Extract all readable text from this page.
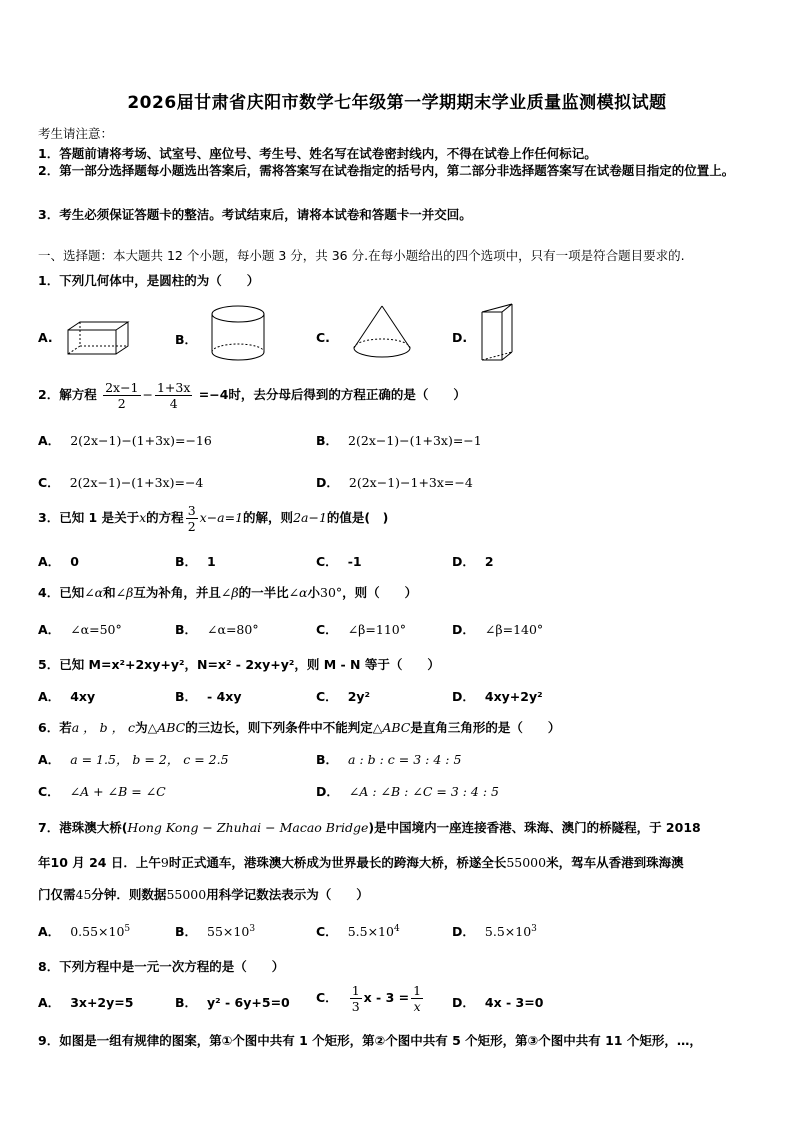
2026届甘肃省庆阳市数学七年级第一学期期末学业质量监测模拟试题
考生请注意：
1．答题前请将考场、试室号、座位号、考生号、姓名写在试卷密封线内，不得在试卷上作任何标记。
2．第一部分选择题每小题选出答案后，需将答案写在试卷指定的括号内，第二部分非选择题答案写在试卷题目指定的位置上。
3．考生必须保证答题卡的整洁。考试结束后，请将本试卷和答题卡一并交回。
一、选择题：本大题共 12 个小题，每小题 3 分，共 36 分.在每小题给出的四个选项中，只有一项是符合题目要求的.
1．下列几何体中，是圆柱的为（　　）
A.	B．	C.	D.
2．解方程 $\frac{2x-1}{2} - \frac{1+3x}{4} =-4$时，去分母后得到的方程正确的是（　　）
A． 2(2x−1)−(1+3x)=−16	B． 2(2x−1)−(1+3x)=−1
C． 2(2x−1)−(1+3x)=−4	D． 2(2x−1)−1+3x=−4
3．已知 1 是关于x的方程 $\frac{3}{2} x-a=1$的解，则2a−1的值是(　)
A． 0	B． 1	C． -1	D． 2
4．已知∠α和∠β互为补角，并且∠β的一半比∠α小30°，则（　　）
A． ∠α=50°	B． ∠α=80°	C． ∠β=110°	D． ∠β=140°
5．已知 M=x²+2xy+y²，N=x² - 2xy+y²，则 M - N 等于（　　）
A． 4xy	B． - 4xy	C． 2y²	D． 4xy+2y²
6．若a ， b ， c为△ABC的三边长，则下列条件中不能判定△ABC是直角三角形的是（　　）
A． a = 1.5， b = 2， c = 2.5	B． a : b : c = 3 : 4 : 5
C． ∠A + ∠B = ∠C	D． ∠A : ∠B : ∠C = 3 : 4 : 5
7．港珠澳大桥(Hong Kong − Zhuhai − Macao Bridge)是中国境内一座连接香港、珠海、澳门的桥隧程，于 2018
年10 月 24 日．上午9时正式通车，港珠澳大桥成为世界最长的跨海大桥，桥遂全长55000米，驾车从香港到珠海澳
门仅需45分钟．则数据55000用科学记数法表示为（　　）
A． $0.55\times 10^5$	B． $55\times 10^3$	C． $5.5\times 10^4$	D． $5.5\times 10^3$
8．下列方程中是一元一次方程的是（　　）
A． 3x+2y=5	B． y² - 6y+5=0 C． $\frac{1}{3}$ $x - 3 = \frac{1}{x}$ D． 4x - 3=0
9．如图是一组有规律的图案，第①个图中共有 1 个矩形，第②个图中共有 5 个矩形，第③个图中共有 11 个矩形，…，
